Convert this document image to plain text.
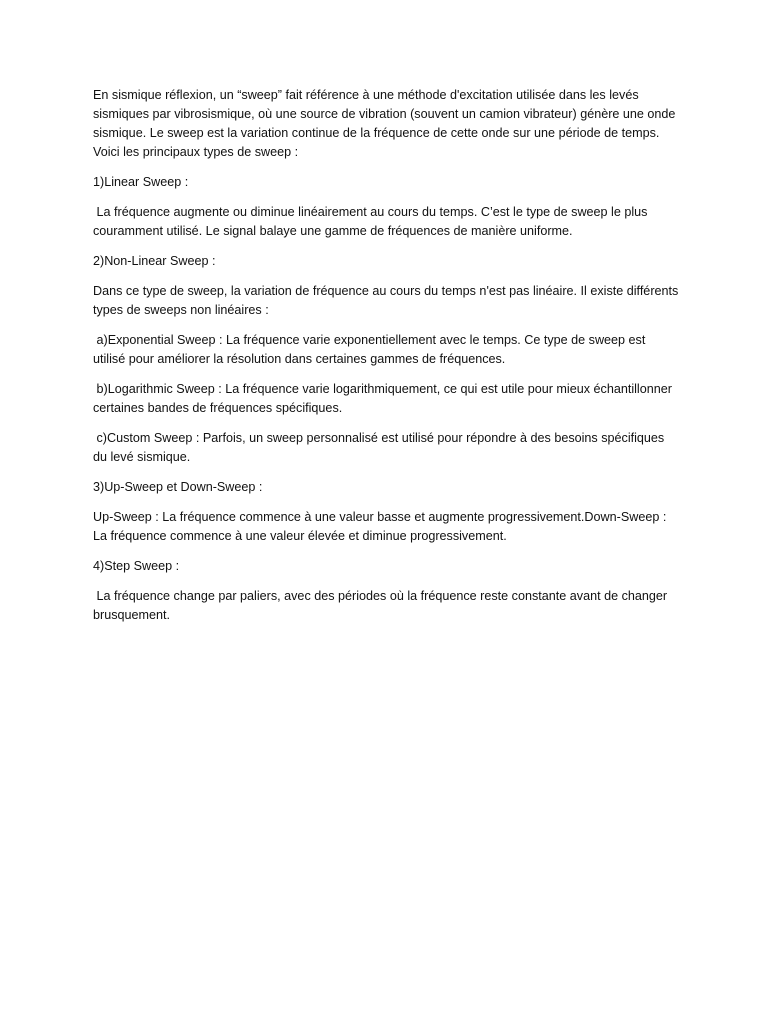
En sismique réflexion, un “sweep” fait référence à une méthode d'excitation utilisée dans les levés sismiques par vibrosismique, où une source de vibration (souvent un camion vibrateur) génère une onde sismique. Le sweep est la variation continue de la fréquence de cette onde sur une période de temps. Voici les principaux types de sweep :

1)Linear Sweep :

La fréquence augmente ou diminue linéairement au cours du temps. C’est le type de sweep le plus couramment utilisé. Le signal balaye une gamme de fréquences de manière uniforme.

2)Non-Linear Sweep :

Dans ce type de sweep, la variation de fréquence au cours du temps n'est pas linéaire. Il existe différents types de sweeps non linéaires :

a)Exponential Sweep : La fréquence varie exponentiellement avec le temps. Ce type de sweep est utilisé pour améliorer la résolution dans certaines gammes de fréquences.

b)Logarithmic Sweep : La fréquence varie logarithmiquement, ce qui est utile pour mieux échantillonner certaines bandes de fréquences spécifiques.

c)Custom Sweep : Parfois, un sweep personnalisé est utilisé pour répondre à des besoins spécifiques du levé sismique.

3)Up-Sweep et Down-Sweep :

Up-Sweep : La fréquence commence à une valeur basse et augmente progressivement.Down-Sweep : La fréquence commence à une valeur élevée et diminue progressivement.

4)Step Sweep :

La fréquence change par paliers, avec des périodes où la fréquence reste constante avant de changer brusquement.
